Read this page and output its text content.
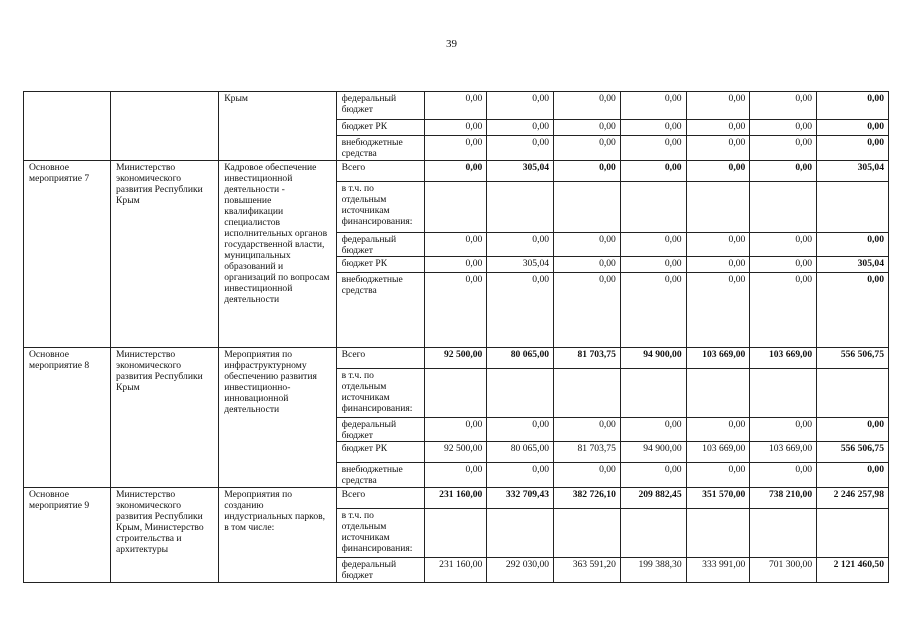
39
		Крым	федеральный бюджет	0,00	0,00	0,00	0,00	0,00	0,00	0,00
			бюджет РК	0,00	0,00	0,00	0,00	0,00	0,00	0,00
			внебюджетные средства	0,00	0,00	0,00	0,00	0,00	0,00	0,00
Основное мероприятие 7	Министерство экономического развития Республики Крым	Кадровое обеспечение инвестиционной деятельности - повышение квалификации специалистов исполнительных органов государственной власти, муниципальных образований и организаций по вопросам инвестиционной деятельности	Всего	0,00	305,04	0,00	0,00	0,00	0,00	305,04
			в т.ч. по отдельным источникам финансирования:							
			федеральный бюджет	0,00	0,00	0,00	0,00	0,00	0,00	0,00
			бюджет РК	0,00	305,04	0,00	0,00	0,00	0,00	305,04
			внебюджетные средства	0,00	0,00	0,00	0,00	0,00	0,00	0,00
Основное мероприятие 8	Министерство экономического развития Республики Крым	Мероприятия по инфраструктурному обеспечению развития инвестиционно-инновационной деятельности	Всего	92 500,00	80 065,00	81 703,75	94 900,00	103 669,00	103 669,00	556 506,75
			в т.ч. по отдельным источникам финансирования:							
			федеральный бюджет	0,00	0,00	0,00	0,00	0,00	0,00	0,00
			бюджет РК	92 500,00	80 065,00	81 703,75	94 900,00	103 669,00	103 669,00	556 506,75
			внебюджетные средства	0,00	0,00	0,00	0,00	0,00	0,00	0,00
Основное мероприятие 9	Министерство экономического развития Республики Крым, Министерство строительства и архитектуры	Мероприятия по созданию индустриальных парков, в том числе:	Всего	231 160,00	332 709,43	382 726,10	209 882,45	351 570,00	738 210,00	2 246 257,98
			в т.ч. по отдельным источникам финансирования:							
			федеральный бюджет	231 160,00	292 030,00	363 591,20	199 388,30	333 991,00	701 300,00	2 121 460,50
